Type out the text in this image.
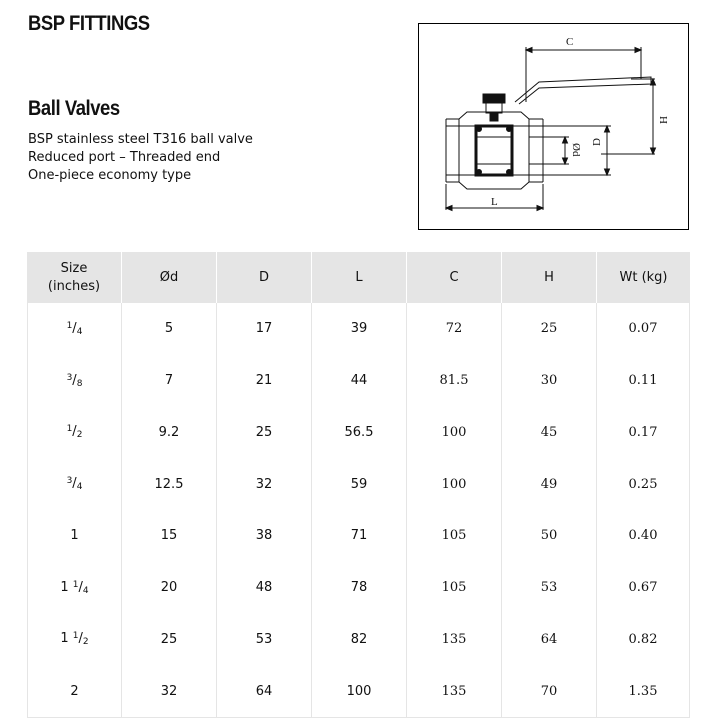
BSP FITTINGS
Ball Valves
BSP stainless steel T316 ball valve
Reduced port – Threaded end
One-piece economy type
C
H
Ød
D
L
Size
(inches)	Ød	D	L	C	H	Wt (kg)
$^1/_4$	5	17	39	72	25	0.07
$^3/_8$	7	21	44	81.5	30	0.11
$^1/_2$	9.2	25	56.5	100	45	0.17
$^3/_4$	12.5	32	59	100	49	0.25
1	15	38	71	105	50	0.40
1 $^1/_4$	20	48	78	105	53	0.67
1 $^1/_2$	25	53	82	135	64	0.82
2	32	64	100	135	70	1.35
